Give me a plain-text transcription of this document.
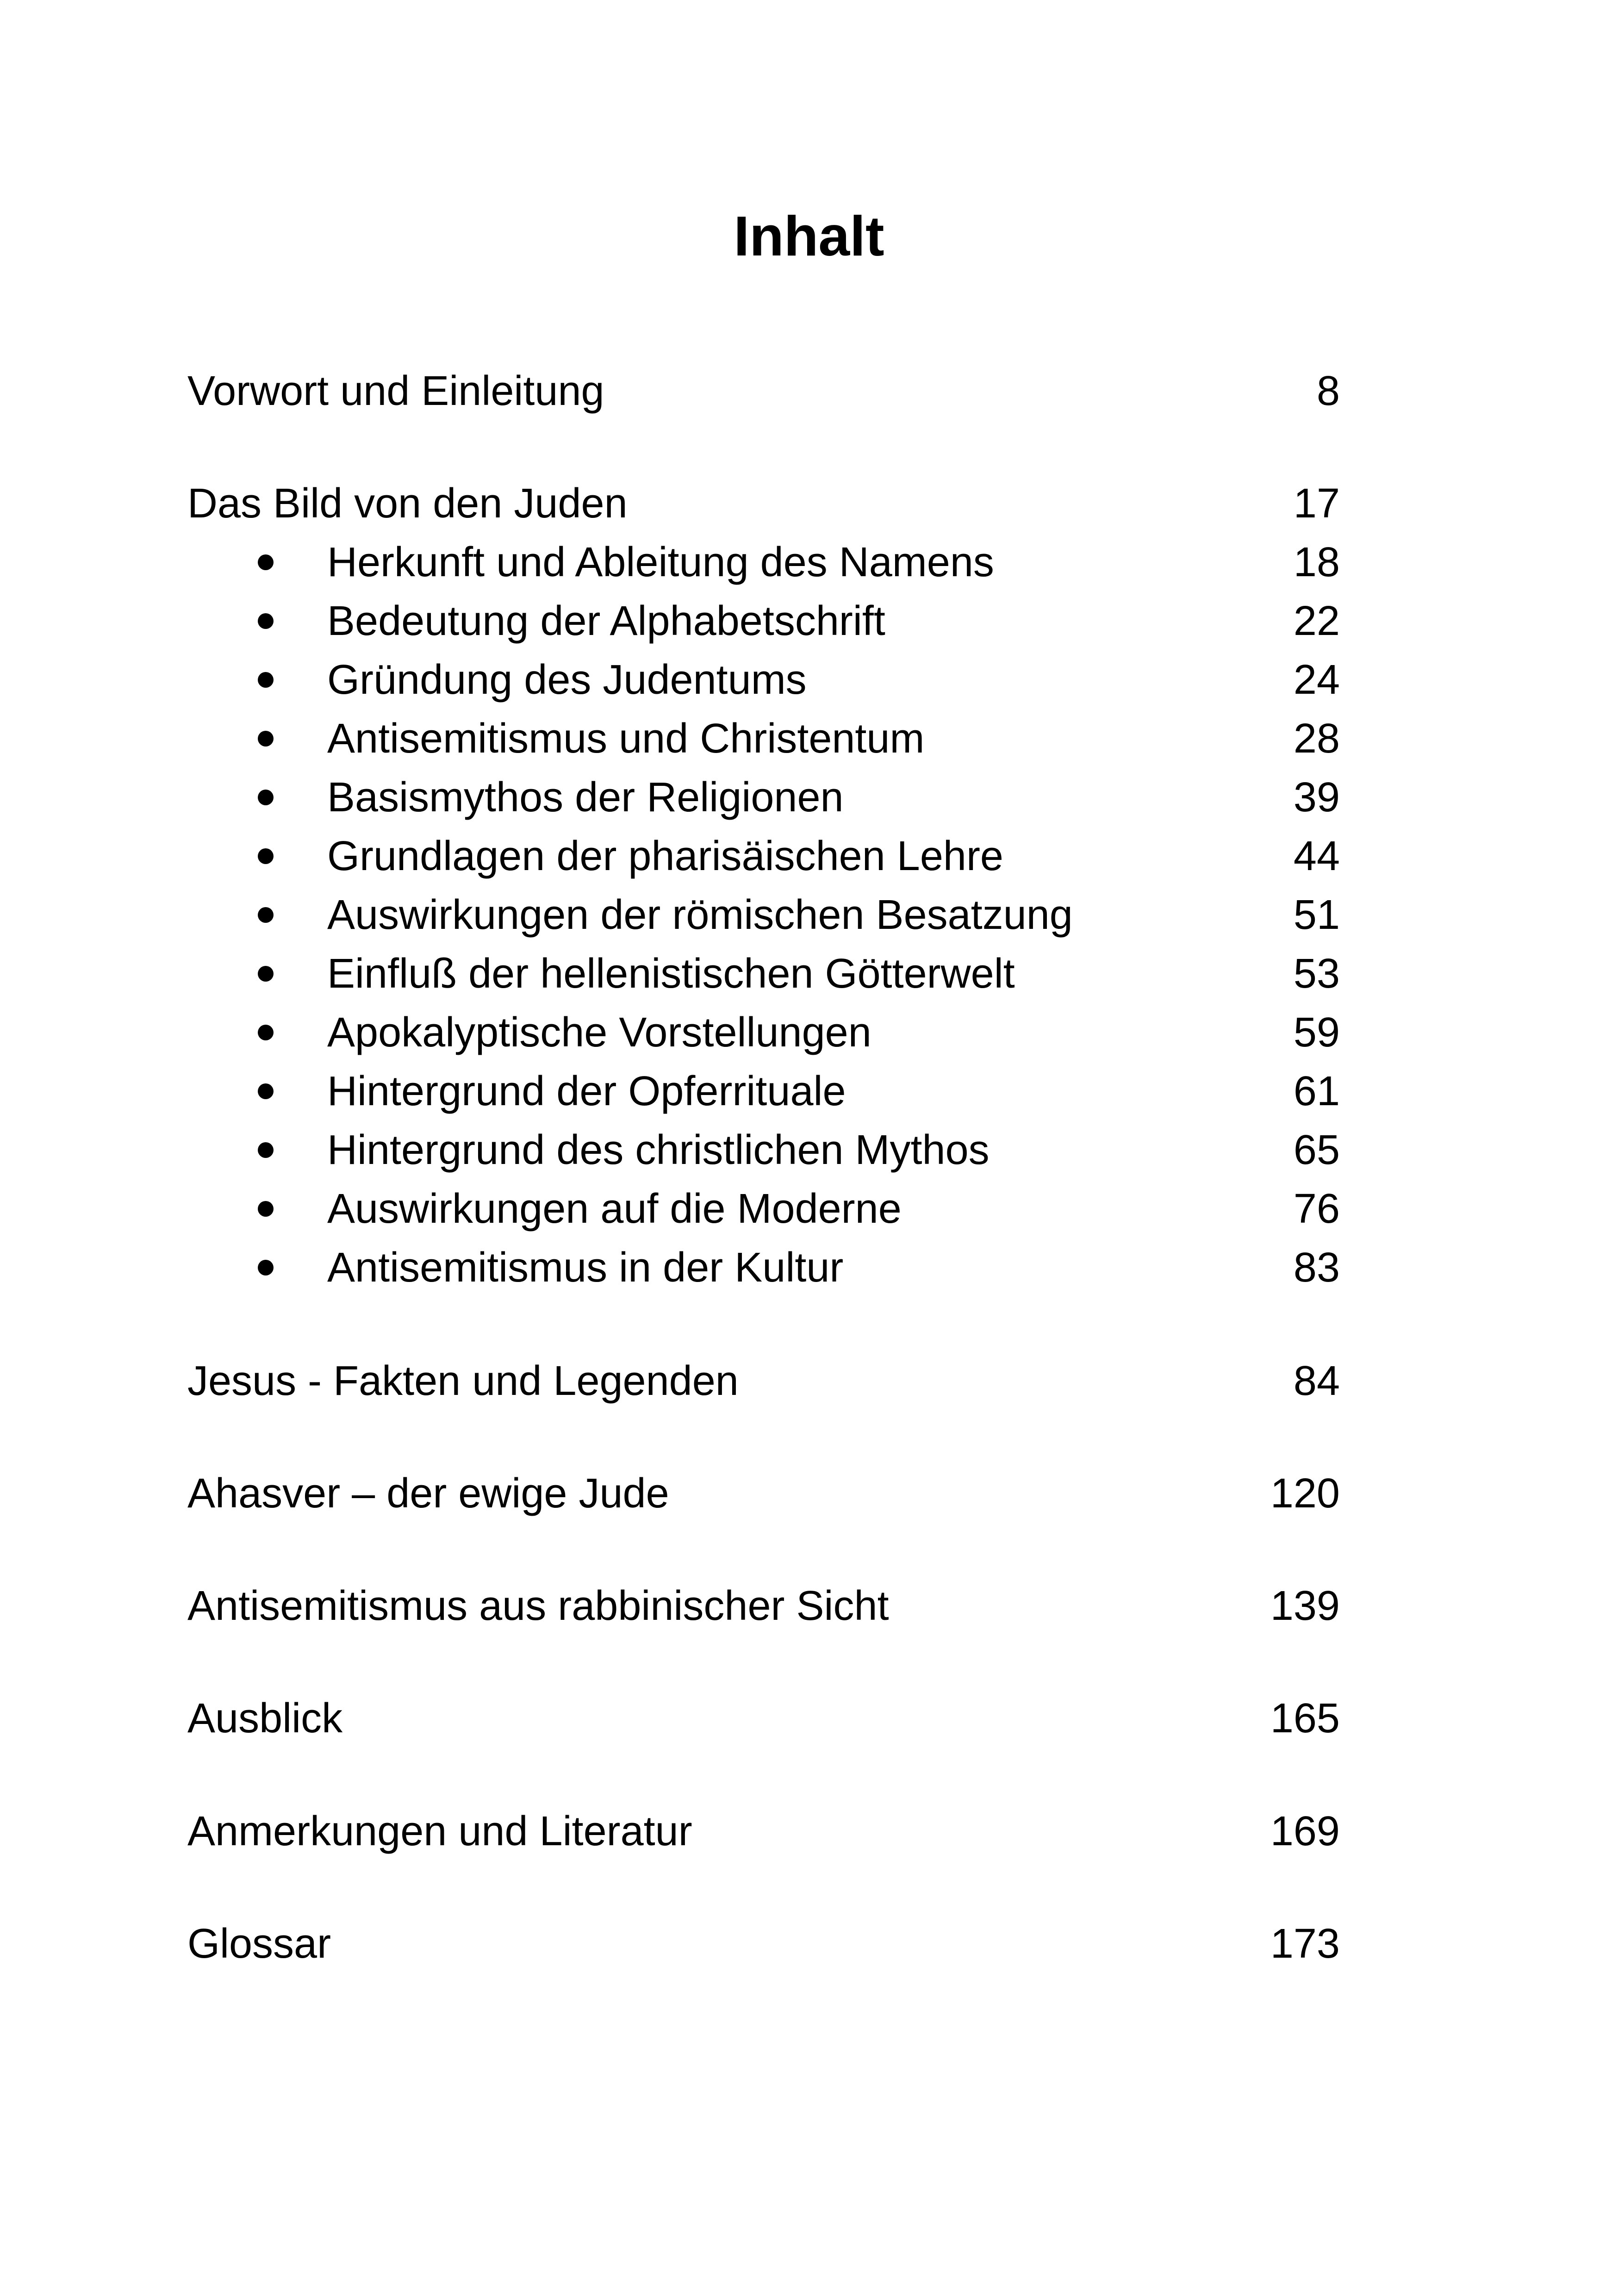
Inhalt
Vorwort und Einleitung	8
Das Bild von den Juden	17
Herkunft und Ableitung des Namens	18
Bedeutung der Alphabetschrift	22
Gründung des Judentums	24
Antisemitismus und Christentum	28
Basismythos der Religionen	39
Grundlagen der pharisäischen Lehre	44
Auswirkungen der römischen Besatzung	51
Einfluß der hellenistischen Götterwelt	53
Apokalyptische Vorstellungen	59
Hintergrund der Opferrituale	61
Hintergrund des christlichen Mythos	65
Auswirkungen auf die Moderne	76
Antisemitismus in der Kultur	83
Jesus - Fakten und Legenden	84
Ahasver – der ewige Jude	120
Antisemitismus aus rabbinischer Sicht	139
Ausblick	165
Anmerkungen und Literatur	169
Glossar	173
